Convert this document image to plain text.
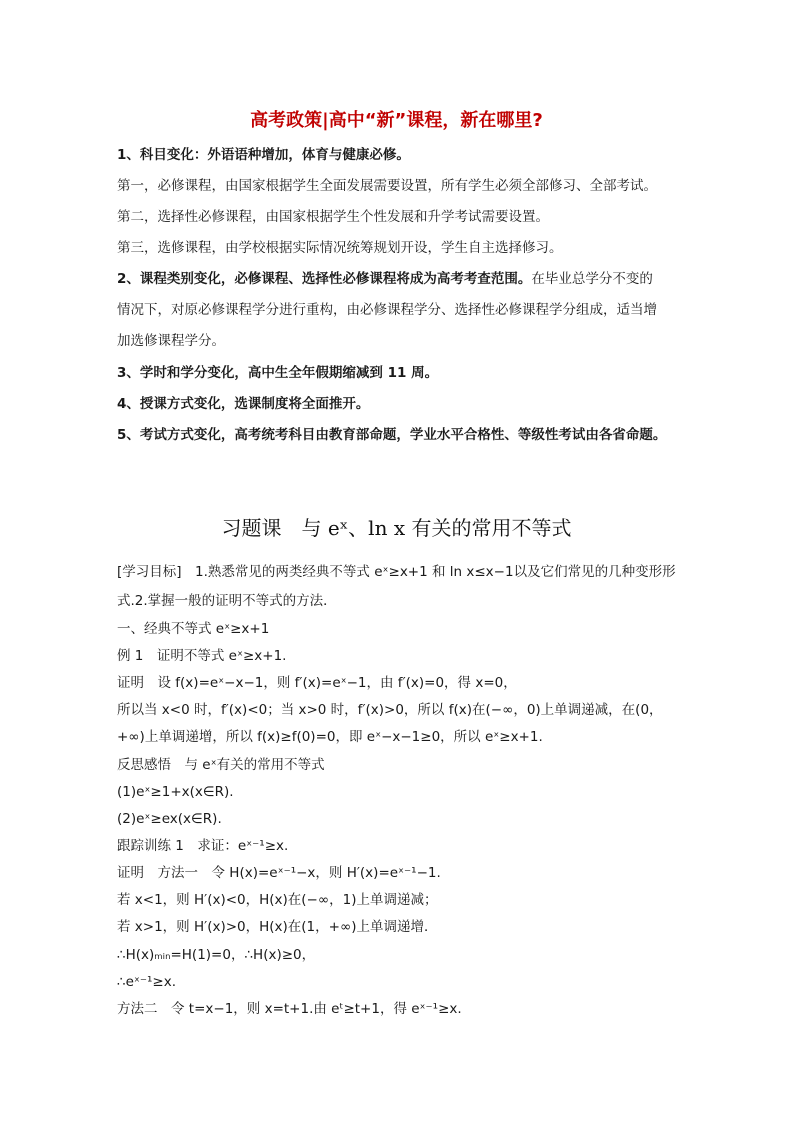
高考政策|高中“新”课程，新在哪里?
1、科目变化：外语语种增加，体育与健康必修。
第一，必修课程，由国家根据学生全面发展需要设置，所有学生必须全部修习、全部考试。
第二，选择性必修课程，由国家根据学生个性发展和升学考试需要设置。
第三，选修课程，由学校根据实际情况统筹规划开设，学生自主选择修习。
2、课程类别变化，必修课程、选择性必修课程将成为高考考查范围。在毕业总学分不变的
情况下，对原必修课程学分进行重构，由必修课程学分、选择性必修课程学分组成，适当增
加选修课程学分。
3、学时和学分变化，高中生全年假期缩减到 11 周。
4、授课方式变化，选课制度将全面推开。
5、考试方式变化，高考统考科目由教育部命题，学业水平合格性、等级性考试由各省命题。
习题课　与 eˣ、ln x 有关的常用不等式
[学习目标]　1.熟悉常见的两类经典不等式 eˣ≥x+1 和 ln x≤x−1以及它们常见的几种变形形
式.2.掌握一般的证明不等式的方法．
一、经典不等式 eˣ≥x+1
例 1　证明不等式 eˣ≥x+1.
证明　设 f(x)=eˣ−x−1，则 f′(x)=eˣ−1，由 f′(x)=0，得 x=0，
所以当 x<0 时，f′(x)<0；当 x>0 时，f′(x)>0，所以 f(x)在(−∞，0)上单调递减，在(0，
+∞)上单调递增，所以 f(x)≥f(0)=0，即 eˣ−x−1≥0，所以 eˣ≥x+1.
反思感悟　与 eˣ有关的常用不等式
(1)eˣ≥1+x(x∈R).
(2)eˣ≥ex(x∈R).
跟踪训练 1　求证：eˣ⁻¹≥x.
证明　方法一　令 H(x)=eˣ⁻¹−x，则 H′(x)=eˣ⁻¹−1.
若 x<1，则 H′(x)<0，H(x)在(−∞，1)上单调递减；
若 x>1，则 H′(x)>0，H(x)在(1，+∞)上单调递增．
∴H(x)ₘᵢₙ=H(1)=0，∴H(x)≥0，
∴eˣ⁻¹≥x.
方法二　令 t=x−1，则 x=t+1.由 eᵗ≥t+1，得 eˣ⁻¹≥x.
